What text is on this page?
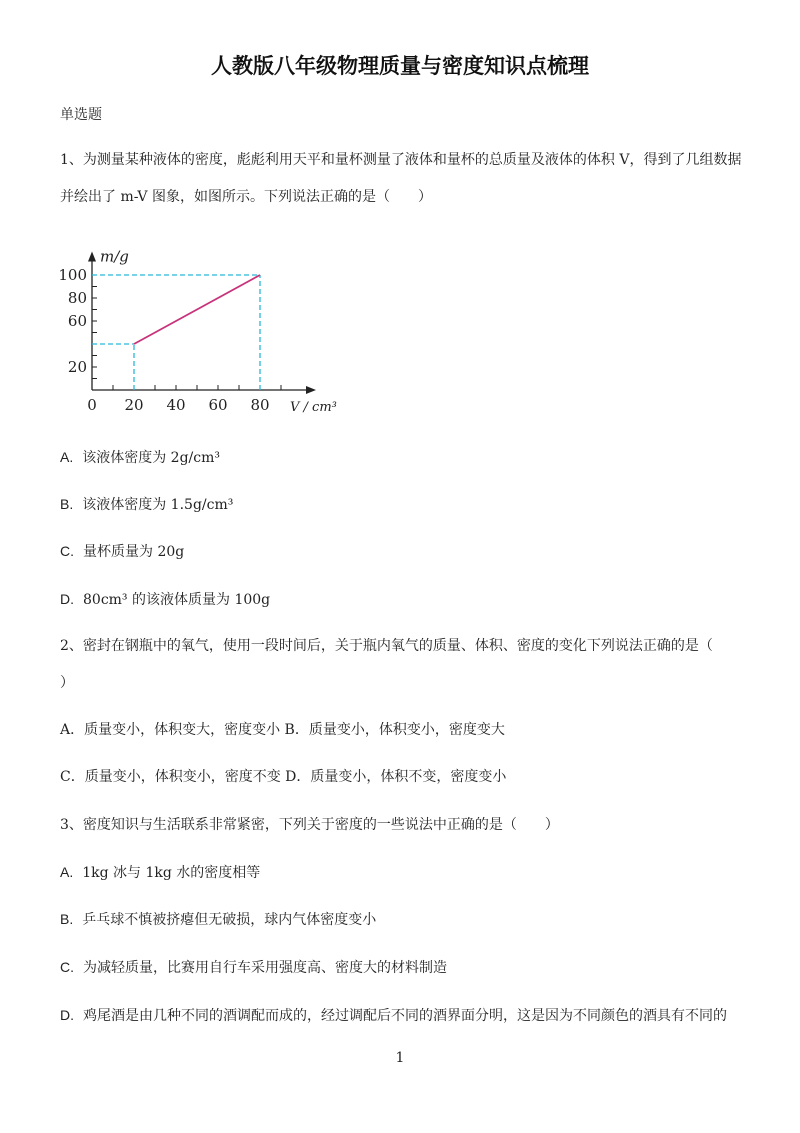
人教版八年级物理质量与密度知识点梳理
单选题
1、为测量某种液体的密度，彪彪利用天平和量杯测量了液体和量杯的总质量及液体的体积 V，得到了几组数据
并绘出了 m-V 图象，如图所示。下列说法正确的是（　　）
0 20 40 60 80
20
60
80
100
m/g
V / cm³
A. 该液体密度为 2g/cm³
B. 该液体密度为 1.5g/cm³
C. 量杯质量为 20g
D. 80cm³ 的该液体质量为 100g
2、密封在钢瓶中的氧气，使用一段时间后，关于瓶内氧气的质量、体积、密度的变化下列说法正确的是（
）
A．质量变小，体积变大，密度变小 B．质量变小，体积变小，密度变大
C．质量变小，体积变小，密度不变 D．质量变小，体积不变，密度变小
3、密度知识与生活联系非常紧密，下列关于密度的一些说法中正确的是（　　）
A. 1kg 冰与 1kg 水的密度相等
B. 乒乓球不慎被挤瘪但无破损，球内气体密度变小
C. 为减轻质量，比赛用自行车采用强度高、密度大的材料制造
D. 鸡尾酒是由几种不同的酒调配而成的，经过调配后不同的酒界面分明，这是因为不同颜色的酒具有不同的
1
